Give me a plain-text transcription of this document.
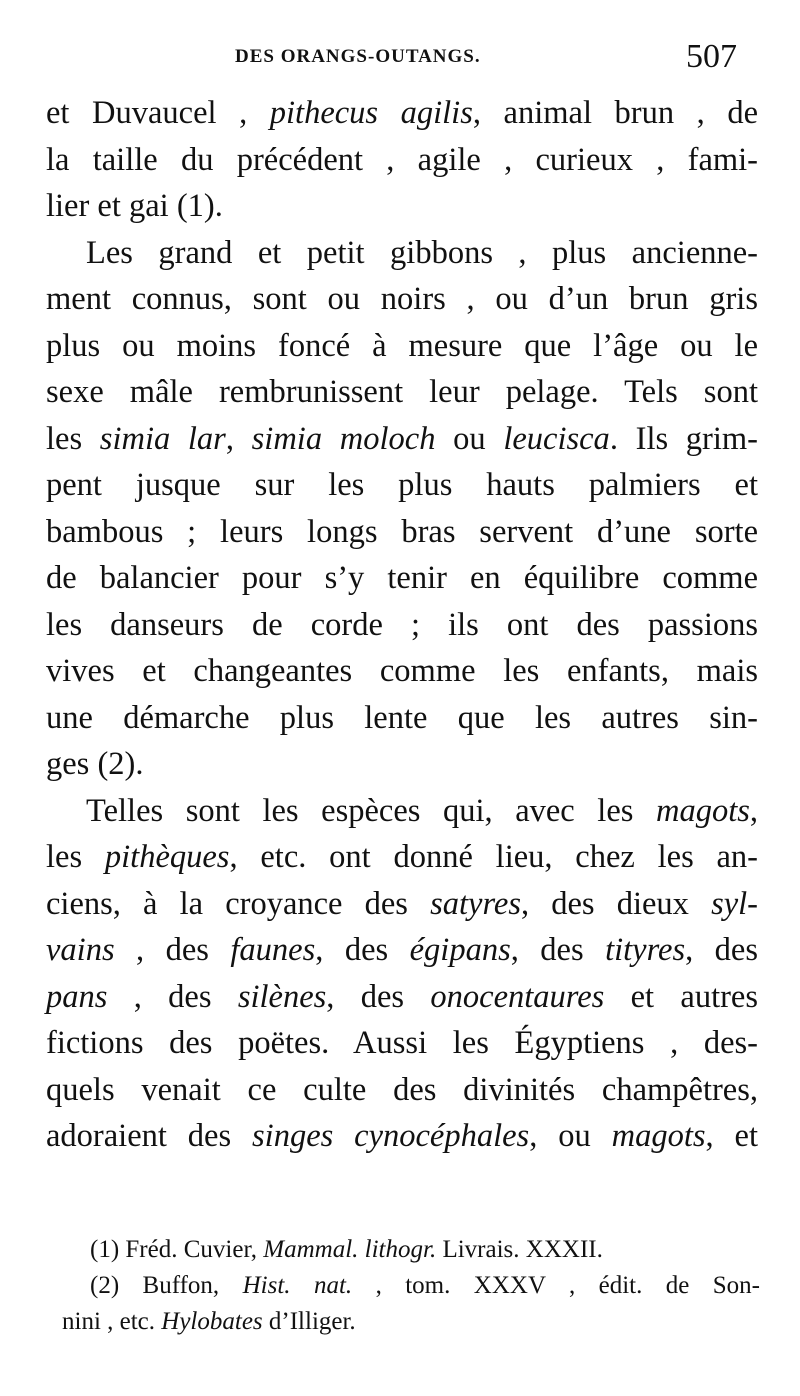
DES ORANGS-OUTANGS.	507
et Duvaucel , pithecus agilis, animal brun , de
la taille du précédent , agile , curieux , fami-
lier et gai (1).
Les grand et petit gibbons , plus ancienne-
ment connus, sont ou noirs , ou d’un brun gris
plus ou moins foncé à mesure que l’âge ou le
sexe mâle rembrunissent leur pelage. Tels sont
les simia lar, simia moloch ou leucisca. Ils grim-
pent jusque sur les plus hauts palmiers et
bambous ; leurs longs bras servent d’une sorte
de balancier pour s’y tenir en équilibre comme
les danseurs de corde ; ils ont des passions
vives et changeantes comme les enfants, mais
une démarche plus lente que les autres sin-
ges (2).
Telles sont les espèces qui, avec les magots,
les pithèques, etc. ont donné lieu, chez les an-
ciens, à la croyance des satyres, des dieux syl-
vains , des faunes, des égipans, des tityres, des
pans , des silènes, des onocentaures et autres
fictions des poëtes. Aussi les Égyptiens , des-
quels venait ce culte des divinités champêtres,
adoraient des singes cynocéphales, ou magots, et
(1) Fréd. Cuvier, Mammal. lithogr. Livrais. XXXII.
(2) Buffon, Hist. nat. , tom. XXXV , édit. de Son-
nini , etc. Hylobates d’Illiger.
